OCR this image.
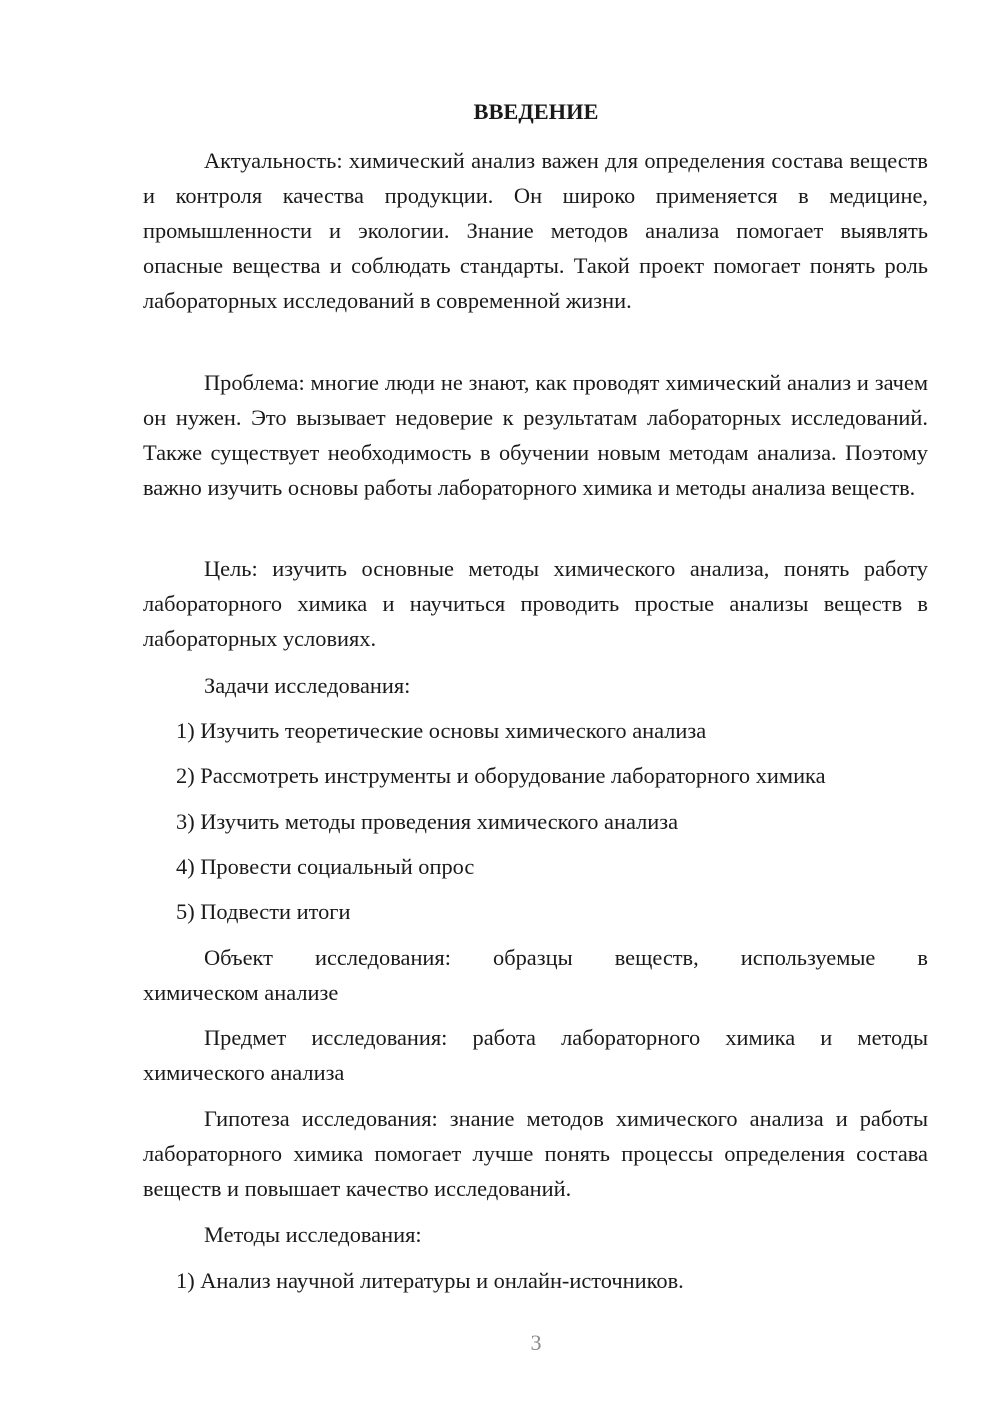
ВВЕДЕНИЕ

Актуальность: химический анализ важен для определения состава веществ и контроля качества продукции. Он широко применяется в медицине, промышленности и экологии. Знание методов анализа помогает выявлять опасные вещества и соблюдать стандарты. Такой проект помогает понять роль лабораторных исследований в современной жизни.

Проблема: многие люди не знают, как проводят химический анализ и зачем он нужен. Это вызывает недоверие к результатам лабораторных исследований. Также существует необходимость в обучении новым методам анализа. Поэтому важно изучить основы работы лабораторного химика и методы анализа веществ.

Цель: изучить основные методы химического анализа, понять работу лабораторного химика и научиться проводить простые анализы веществ в лабораторных условиях.

Задачи исследования:

1) Изучить теоретические основы химического анализа

2) Рассмотреть инструменты и оборудование лабораторного химика

3) Изучить методы проведения химического анализа

4) Провести социальный опрос

5) Подвести итоги

Объект исследования: образцы веществ, используемые в

химическом анализе

Предмет исследования: работа лабораторного химика и методы химического анализа

Гипотеза исследования: знание методов химического анализа и работы лабораторного химика помогает лучше понять процессы определения состава веществ и повышает качество исследований.

Методы исследования:

1) Анализ научной литературы и онлайн-источников.

3
